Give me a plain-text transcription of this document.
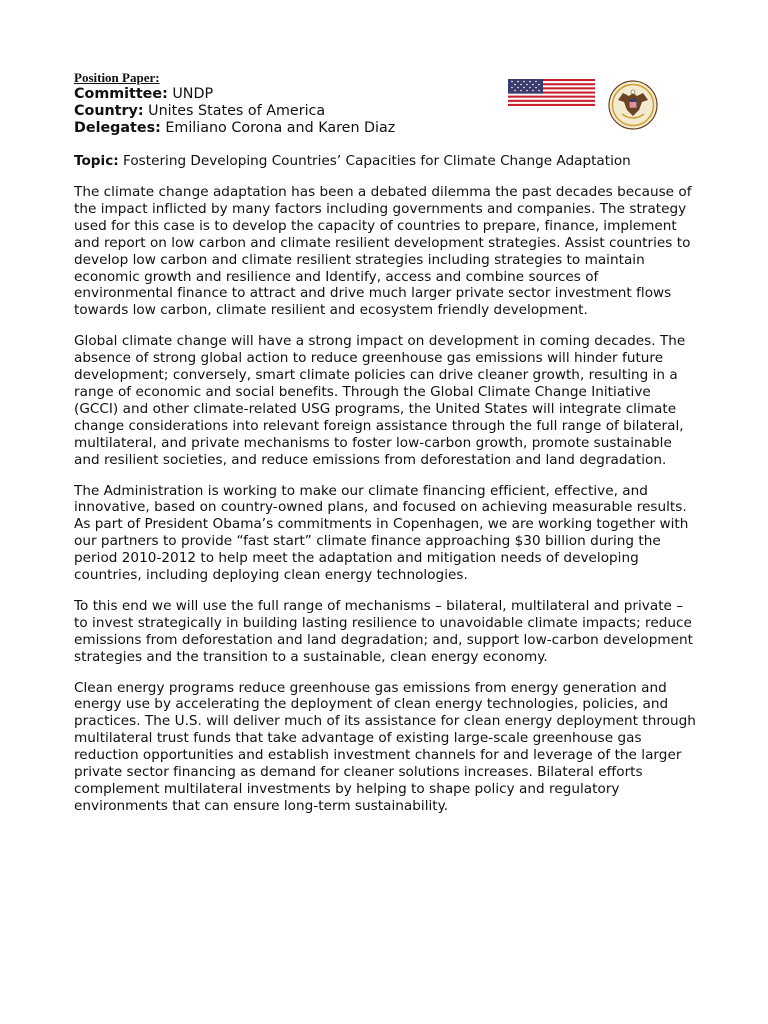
Position Paper:

Committee: UNDP

Country: Unites States of America

Delegates: Emiliano Corona and Karen Diaz

Topic: Fostering Developing Countries’ Capacities for Climate Change Adaptation

The climate change adaptation has been a debated dilemma the past decades because of the impact inflicted by many factors including governments and companies. The strategy used for this case is to develop the capacity of countries to prepare, finance, implement and report on low carbon and climate resilient development strategies. Assist countries to develop low carbon and climate resilient strategies including strategies to maintain economic growth and resilience and Identify, access and combine sources of environmental finance to attract and drive much larger private sector investment flows towards low carbon, climate resilient and ecosystem friendly development.

Global climate change will have a strong impact on development in coming decades. The absence of strong global action to reduce greenhouse gas emissions will hinder future development; conversely, smart climate policies can drive cleaner growth, resulting in a range of economic and social benefits. Through the Global Climate Change Initiative (GCCI) and other climate-related USG programs, the United States will integrate climate change considerations into relevant foreign assistance through the full range of bilateral, multilateral, and private mechanisms to foster low-carbon growth, promote sustainable and resilient societies, and reduce emissions from deforestation and land degradation.

The Administration is working to make our climate financing efficient, effective, and innovative, based on country-owned plans, and focused on achieving measurable results. As part of President Obama’s commitments in Copenhagen, we are working together with our partners to provide “fast start” climate finance approaching $30 billion during the period 2010-2012 to help meet the adaptation and mitigation needs of developing countries, including deploying clean energy technologies.

To this end we will use the full range of mechanisms – bilateral, multilateral and private – to invest strategically in building lasting resilience to unavoidable climate impacts; reduce emissions from deforestation and land degradation; and, support low-carbon development strategies and the transition to a sustainable, clean energy economy.

Clean energy programs reduce greenhouse gas emissions from energy generation and energy use by accelerating the deployment of clean energy technologies, policies, and practices. The U.S. will deliver much of its assistance for clean energy deployment through multilateral trust funds that take advantage of existing large-scale greenhouse gas reduction opportunities and establish investment channels for and leverage of the larger private sector financing as demand for cleaner solutions increases. Bilateral efforts complement multilateral investments by helping to shape policy and regulatory environments that can ensure long-term sustainability.
